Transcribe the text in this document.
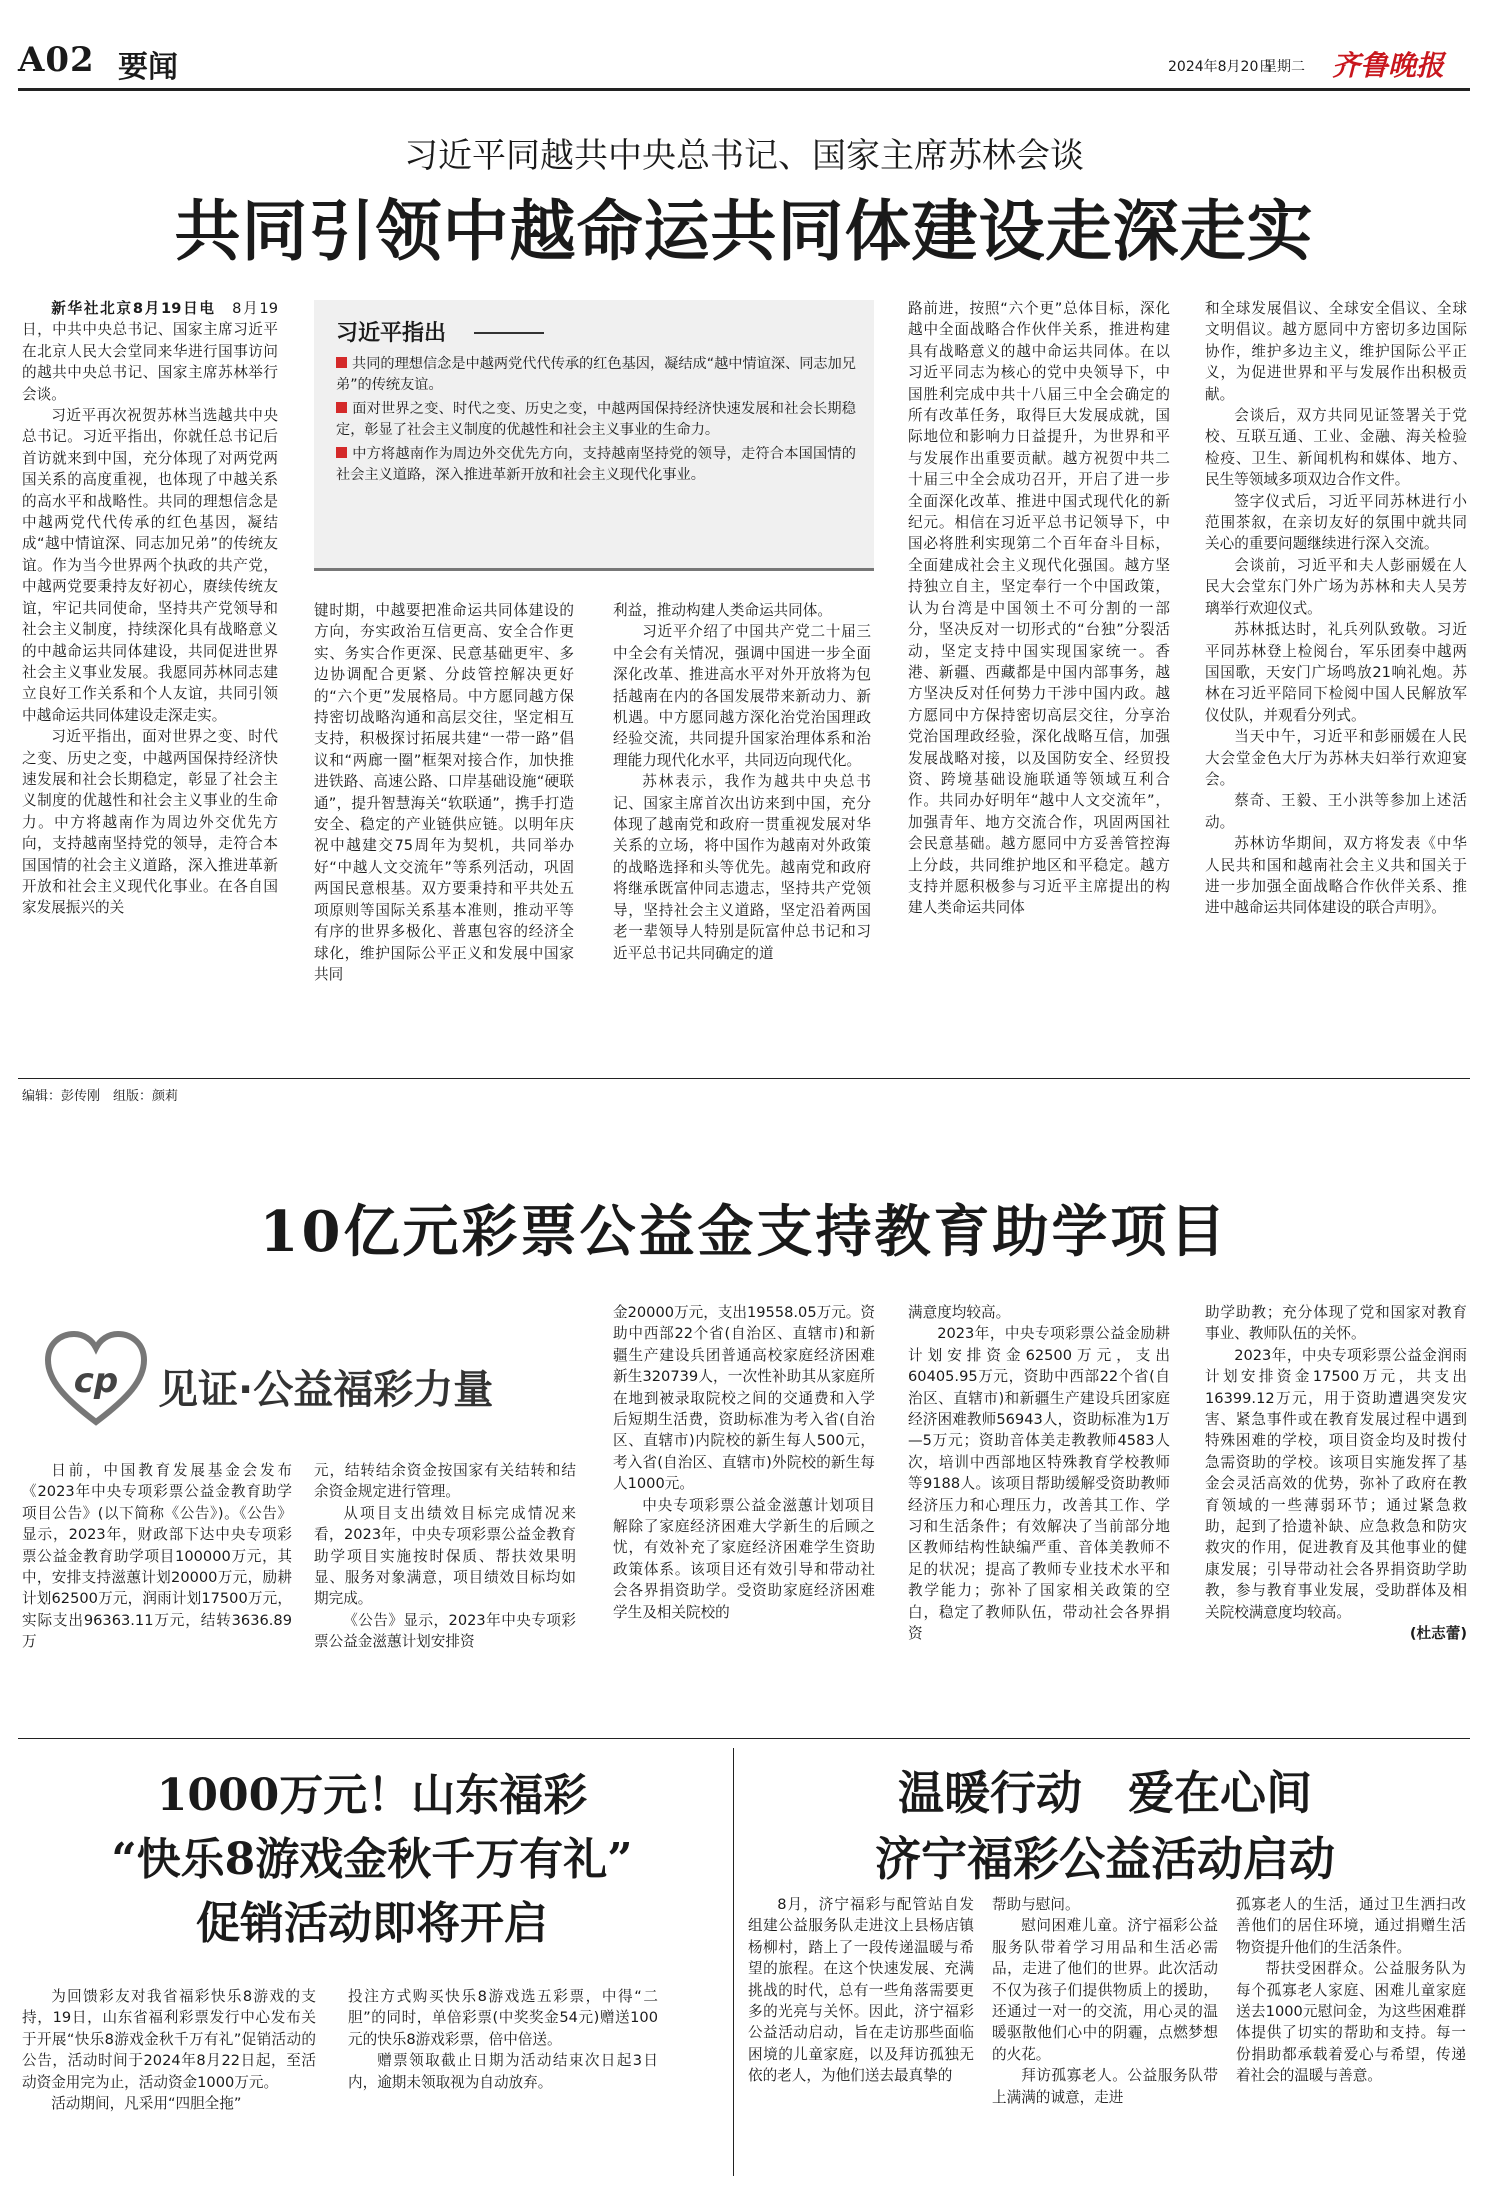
A02 要闻	2024年8月20日
星期二 齐鲁晚报
习近平同越共中央总书记、国家主席苏林会谈
共同引领中越命运共同体建设走深走实

新华社北京8月19日电　 8月19日，中共中央总书记、国家主席习近平在北京人民大会堂同来华进行国事访问的越共中央总书记、国家主席苏林举行会谈。

习近平再次祝贺苏林当选越共中央总书记。习近平指出，你就任总书记后首访就来到中国，充分体现了对两党两国关系的高度重视，也体现了中越关系的高水平和战略性。共同的理想信念是中越两党代代传承的红色基因，凝结成“越中情谊深、同志加兄弟”的传统友谊。作为当今世界两个执政的共产党，中越两党要秉持友好初心，赓续传统友谊，牢记共同使命，坚持共产党领导和社会主义制度，持续深化具有战略意义的中越命运共同体建设，共同促进世界社会主义事业发展。我愿同苏林同志建立良好工作关系和个人友谊，共同引领中越命运共同体建设走深走实。

习近平指出，面对世界之变、时代之变、历史之变，中越两国保持经济快速发展和社会长期稳定，彰显了社会主义制度的优越性和社会主义事业的生命力。中方将越南作为周边外交优先方向，支持越南坚持党的领导，走符合本国国情的社会主义道路，深入推进革新开放和社会主义现代化事业。在各自国家发展振兴的关

习近平指出
共同的理想信念是中越两党代代传承的红色基因，凝结成“越中情谊深、同志加兄弟”的传统友谊。
面对世界之变、时代之变、历史之变，中越两国保持经济快速发展和社会长期稳定，彰显了社会主义制度的优越性和社会主义事业的生命力。
中方将越南作为周边外交优先方向，支持越南坚持党的领导，走符合本国国情的社会主义道路，深入推进革新开放和社会主义现代化事业。

键时期，中越要把准命运共同体建设的方向，夯实政治互信更高、安全合作更实、务实合作更深、民意基础更牢、多边协调配合更紧、分歧管控解决更好的“六个更”发展格局。中方愿同越方保持密切战略沟通和高层交往，坚定相互支持，积极探讨拓展共建“一带一路”倡议和“两廊一圈”框架对接合作，加快推进铁路、高速公路、口岸基础设施“硬联通”，提升智慧海关“软联通”，携手打造安全、稳定的产业链供应链。以明年庆祝中越建交75周年为契机，共同举办好“中越人文交流年”等系列活动，巩固两国民意根基。双方要秉持和平共处五项原则等国际关系基本准则，推动平等有序的世界多极化、普惠包容的经济全球化，维护国际公平正义和发展中国家共同

利益，推动构建人类命运共同体。

习近平介绍了中国共产党二十届三中全会有关情况，强调中国进一步全面深化改革、推进高水平对外开放将为包括越南在内的各国发展带来新动力、新机遇。中方愿同越方深化治党治国理政经验交流，共同提升国家治理体系和治理能力现代化水平，共同迈向现代化。

苏林表示，我作为越共中央总书记、国家主席首次出访来到中国，充分体现了越南党和政府一贯重视发展对华关系的立场，将中国作为越南对外政策的战略选择和头等优先。越南党和政府将继承既富仲同志遗志，坚持共产党领导，坚持社会主义道路，坚定沿着两国老一辈领导人特别是阮富仲总书记和习近平总书记共同确定的道

路前进，按照“六个更”总体目标，深化越中全面战略合作伙伴关系，推进构建具有战略意义的越中命运共同体。在以习近平同志为核心的党中央领导下，中国胜利完成中共十八届三中全会确定的所有改革任务，取得巨大发展成就，国际地位和影响力日益提升，为世界和平与发展作出重要贡献。越方祝贺中共二十届三中全会成功召开，开启了进一步全面深化改革、推进中国式现代化的新纪元。相信在习近平总书记领导下，中国必将胜利实现第二个百年奋斗目标，全面建成社会主义现代化强国。越方坚持独立自主，坚定奉行一个中国政策，认为台湾是中国领土不可分割的一部分，坚决反对一切形式的“台独”分裂活动，坚定支持中国实现国家统一。香港、新疆、西藏都是中国内部事务，越方坚决反对任何势力干涉中国内政。越方愿同中方保持密切高层交往，分享治党治国理政经验，深化战略互信，加强发展战略对接，以及国防安全、经贸投资、跨境基础设施联通等领域互利合作。共同办好明年“越中人文交流年”，加强青年、地方交流合作，巩固两国社会民意基础。越方愿同中方妥善管控海上分歧，共同维护地区和平稳定。越方支持并愿积极参与习近平主席提出的构建人类命运共同体

和全球发展倡议、全球安全倡议、全球文明倡议。越方愿同中方密切多边国际协作，维护多边主义，维护国际公平正义，为促进世界和平与发展作出积极贡献。

会谈后，双方共同见证签署关于党校、互联互通、工业、金融、海关检验检疫、卫生、新闻机构和媒体、地方、民生等领域多项双边合作文件。

签字仪式后，习近平同苏林进行小范围茶叙，在亲切友好的氛围中就共同关心的重要问题继续进行深入交流。

会谈前，习近平和夫人彭丽媛在人民大会堂东门外广场为苏林和夫人吴芳璃举行欢迎仪式。

苏林抵达时，礼兵列队致敬。习近平同苏林登上检阅台，军乐团奏中越两国国歌，天安门广场鸣放21响礼炮。苏林在习近平陪同下检阅中国人民解放军仪仗队，并观看分列式。

当天中午，习近平和彭丽媛在人民大会堂金色大厅为苏林夫妇举行欢迎宴会。

蔡奇、王毅、王小洪等参加上述活动。

苏林访华期间，双方将发表《中华人民共和国和越南社会主义共和国关于进一步加强全面战略合作伙伴关系、推进中越命运共同体建设的联合声明》。

编辑：彭传刚　组版：颜莉
10亿元彩票公益金支持教育助学项目
cp 见证·公益福彩力量

日前，中国教育发展基金会发布《2023年中央专项彩票公益金教育助学项目公告》(以下简称《公告》)。《公告》显示，2023年，财政部下达中央专项彩票公益金教育助学项目100000万元，其中，安排支持滋蕙计划20000万元，励耕计划62500万元，润雨计划17500万元，实际支出96363.11万元，结转3636.89万

元，结转结余资金按国家有关结转和结余资金规定进行管理。

从项目支出绩效目标完成情况来看，2023年，中央专项彩票公益金教育助学项目实施按时保质、帮扶效果明显、服务对象满意，项目绩效目标均如期完成。

《公告》显示，2023年中央专项彩票公益金滋蕙计划安排资

金20000万元，支出19558.05万元。资助中西部22个省(自治区、直辖市)和新疆生产建设兵团普通高校家庭经济困难新生320739人，一次性补助其从家庭所在地到被录取院校之间的交通费和入学后短期生活费，资助标准为考入省(自治区、直辖市)内院校的新生每人500元，考入省(自治区、直辖市)外院校的新生每人1000元。

中央专项彩票公益金滋蕙计划项目解除了家庭经济困难大学新生的后顾之忧，有效补充了家庭经济困难学生资助政策体系。该项目还有效引导和带动社会各界捐资助学。受资助家庭经济困难学生及相关院校的

满意度均较高。

2023年，中央专项彩票公益金励耕计划安排资金62500万元，支出60405.95万元，资助中西部22个省(自治区、直辖市)和新疆生产建设兵团家庭经济困难教师56943人，资助标准为1万—5万元；资助音体美走教教师4583人次，培训中西部地区特殊教育学校教师等9188人。该项目帮助缓解受资助教师经济压力和心理压力，改善其工作、学习和生活条件；有效解决了当前部分地区教师结构性缺编严重、音体美教师不足的状况；提高了教师专业技术水平和教学能力；弥补了国家相关政策的空白，稳定了教师队伍，带动社会各界捐资

助学助教；充分体现了党和国家对教育事业、教师队伍的关怀。

2023年，中央专项彩票公益金润雨计划安排资金17500万元，共支出16399.12万元，用于资助遭遇突发灾害、紧急事件或在教育发展过程中遇到特殊困难的学校，项目资金均及时拨付急需资助的学校。该项目实施发挥了基金会灵活高效的优势，弥补了政府在教育领域的一些薄弱环节；通过紧急救助，起到了拾遗补缺、应急救急和防灾救灾的作用，促进教育及其他事业的健康发展；引导带动社会各界捐资助学助教，参与教育事业发展，受助群体及相关院校满意度均较高。

(杜志蕾)

1000万元！山东福彩
“快乐8游戏金秋千万有礼”
促销活动即将开启

为回馈彩友对我省福彩快乐8游戏的支持，19日，山东省福利彩票发行中心发布关于开展“快乐8游戏金秋千万有礼”促销活动的公告，活动时间于2024年8月22日起，至活动资金用完为止，活动资金1000万元。

活动期间，凡采用“四胆全拖”

投注方式购买快乐8游戏选五彩票，中得“二胆”的同时，单倍彩票(中奖奖金54元)赠送100元的快乐8游戏彩票，倍中倍送。

赠票领取截止日期为活动结束次日起3日内，逾期未领取视为自动放弃。

温暖行动　爱在心间
济宁福彩公益活动启动

8月，济宁福彩与配管站自发组建公益服务队走进汶上县杨店镇杨柳村，踏上了一段传递温暖与希望的旅程。在这个快速发展、充满挑战的时代，总有一些角落需要更多的光亮与关怀。因此，济宁福彩公益活动启动，旨在走访那些面临困境的儿童家庭，以及拜访孤独无依的老人，为他们送去最真挚的

帮助与慰问。

慰问困难儿童。济宁福彩公益服务队带着学习用品和生活必需品，走进了他们的世界。此次活动不仅为孩子们提供物质上的援助，还通过一对一的交流，用心灵的温暖驱散他们心中的阴霾，点燃梦想的火花。

拜访孤寡老人。公益服务队带上满满的诚意，走进

孤寡老人的生活，通过卫生洒扫改善他们的居住环境，通过捐赠生活物资提升他们的生活条件。

帮扶受困群众。公益服务队为每个孤寡老人家庭、困难儿童家庭送去1000元慰问金，为这些困难群体提供了切实的帮助和支持。每一份捐助都承载着爱心与希望，传递着社会的温暖与善意。
